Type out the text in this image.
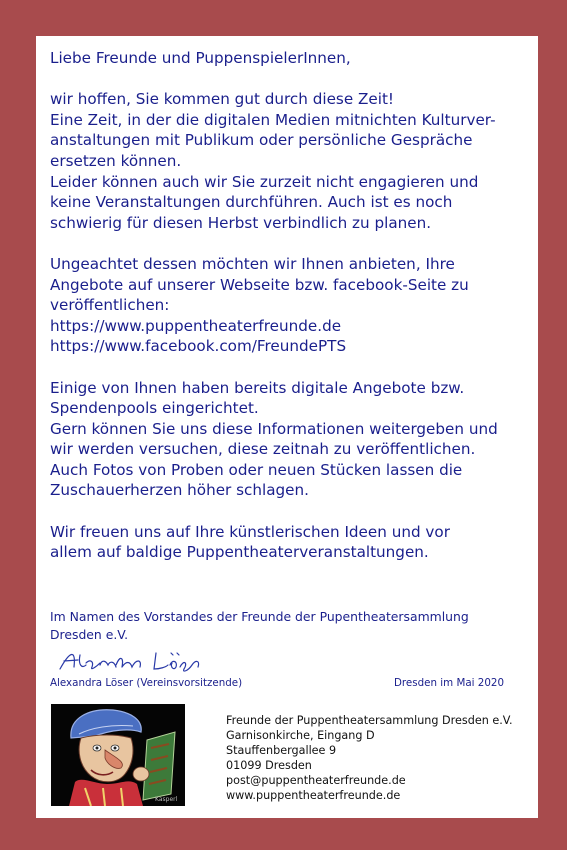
Liebe Freunde und PuppenspielerInnen,

wir hoffen, Sie kommen gut durch diese Zeit!

Eine Zeit, in der die digitalen Medien mitnichten Kulturver-

anstaltungen mit Publikum oder persönliche Gespräche

ersetzen können.

Leider können auch wir Sie zurzeit nicht engagieren und

keine Veranstaltungen durchführen. Auch ist es noch

schwierig für diesen Herbst verbindlich zu planen.

Ungeachtet dessen möchten wir Ihnen anbieten, Ihre

Angebote auf unserer Webseite bzw. facebook-Seite zu

veröffentlichen:

https://www.puppentheaterfreunde.de

https://www.facebook.com/FreundePTS

Einige von Ihnen haben bereits digitale Angebote bzw.

Spendenpools eingerichtet.

Gern können Sie uns diese Informationen weitergeben und

wir werden versuchen, diese zeitnah zu veröffentlichen.

Auch Fotos von Proben oder neuen Stücken lassen die

Zuschauerherzen höher schlagen.

Wir freuen uns auf Ihre künstlerischen Ideen und vor

allem auf baldige Puppentheaterveranstaltungen.

Im Namen des Vorstandes der Freunde der Pupentheatersammlung
Dresden e.V.
Alexandra Löser (Vereinsvorsitzende)	Dresden im Mai 2020
Kasperl
Freunde der Puppentheatersammlung Dresden e.V.
Garnisonkirche, Eingang D
Stauffenbergallee 9
01099 Dresden
post@puppentheaterfreunde.de
www.puppentheaterfreunde.de
